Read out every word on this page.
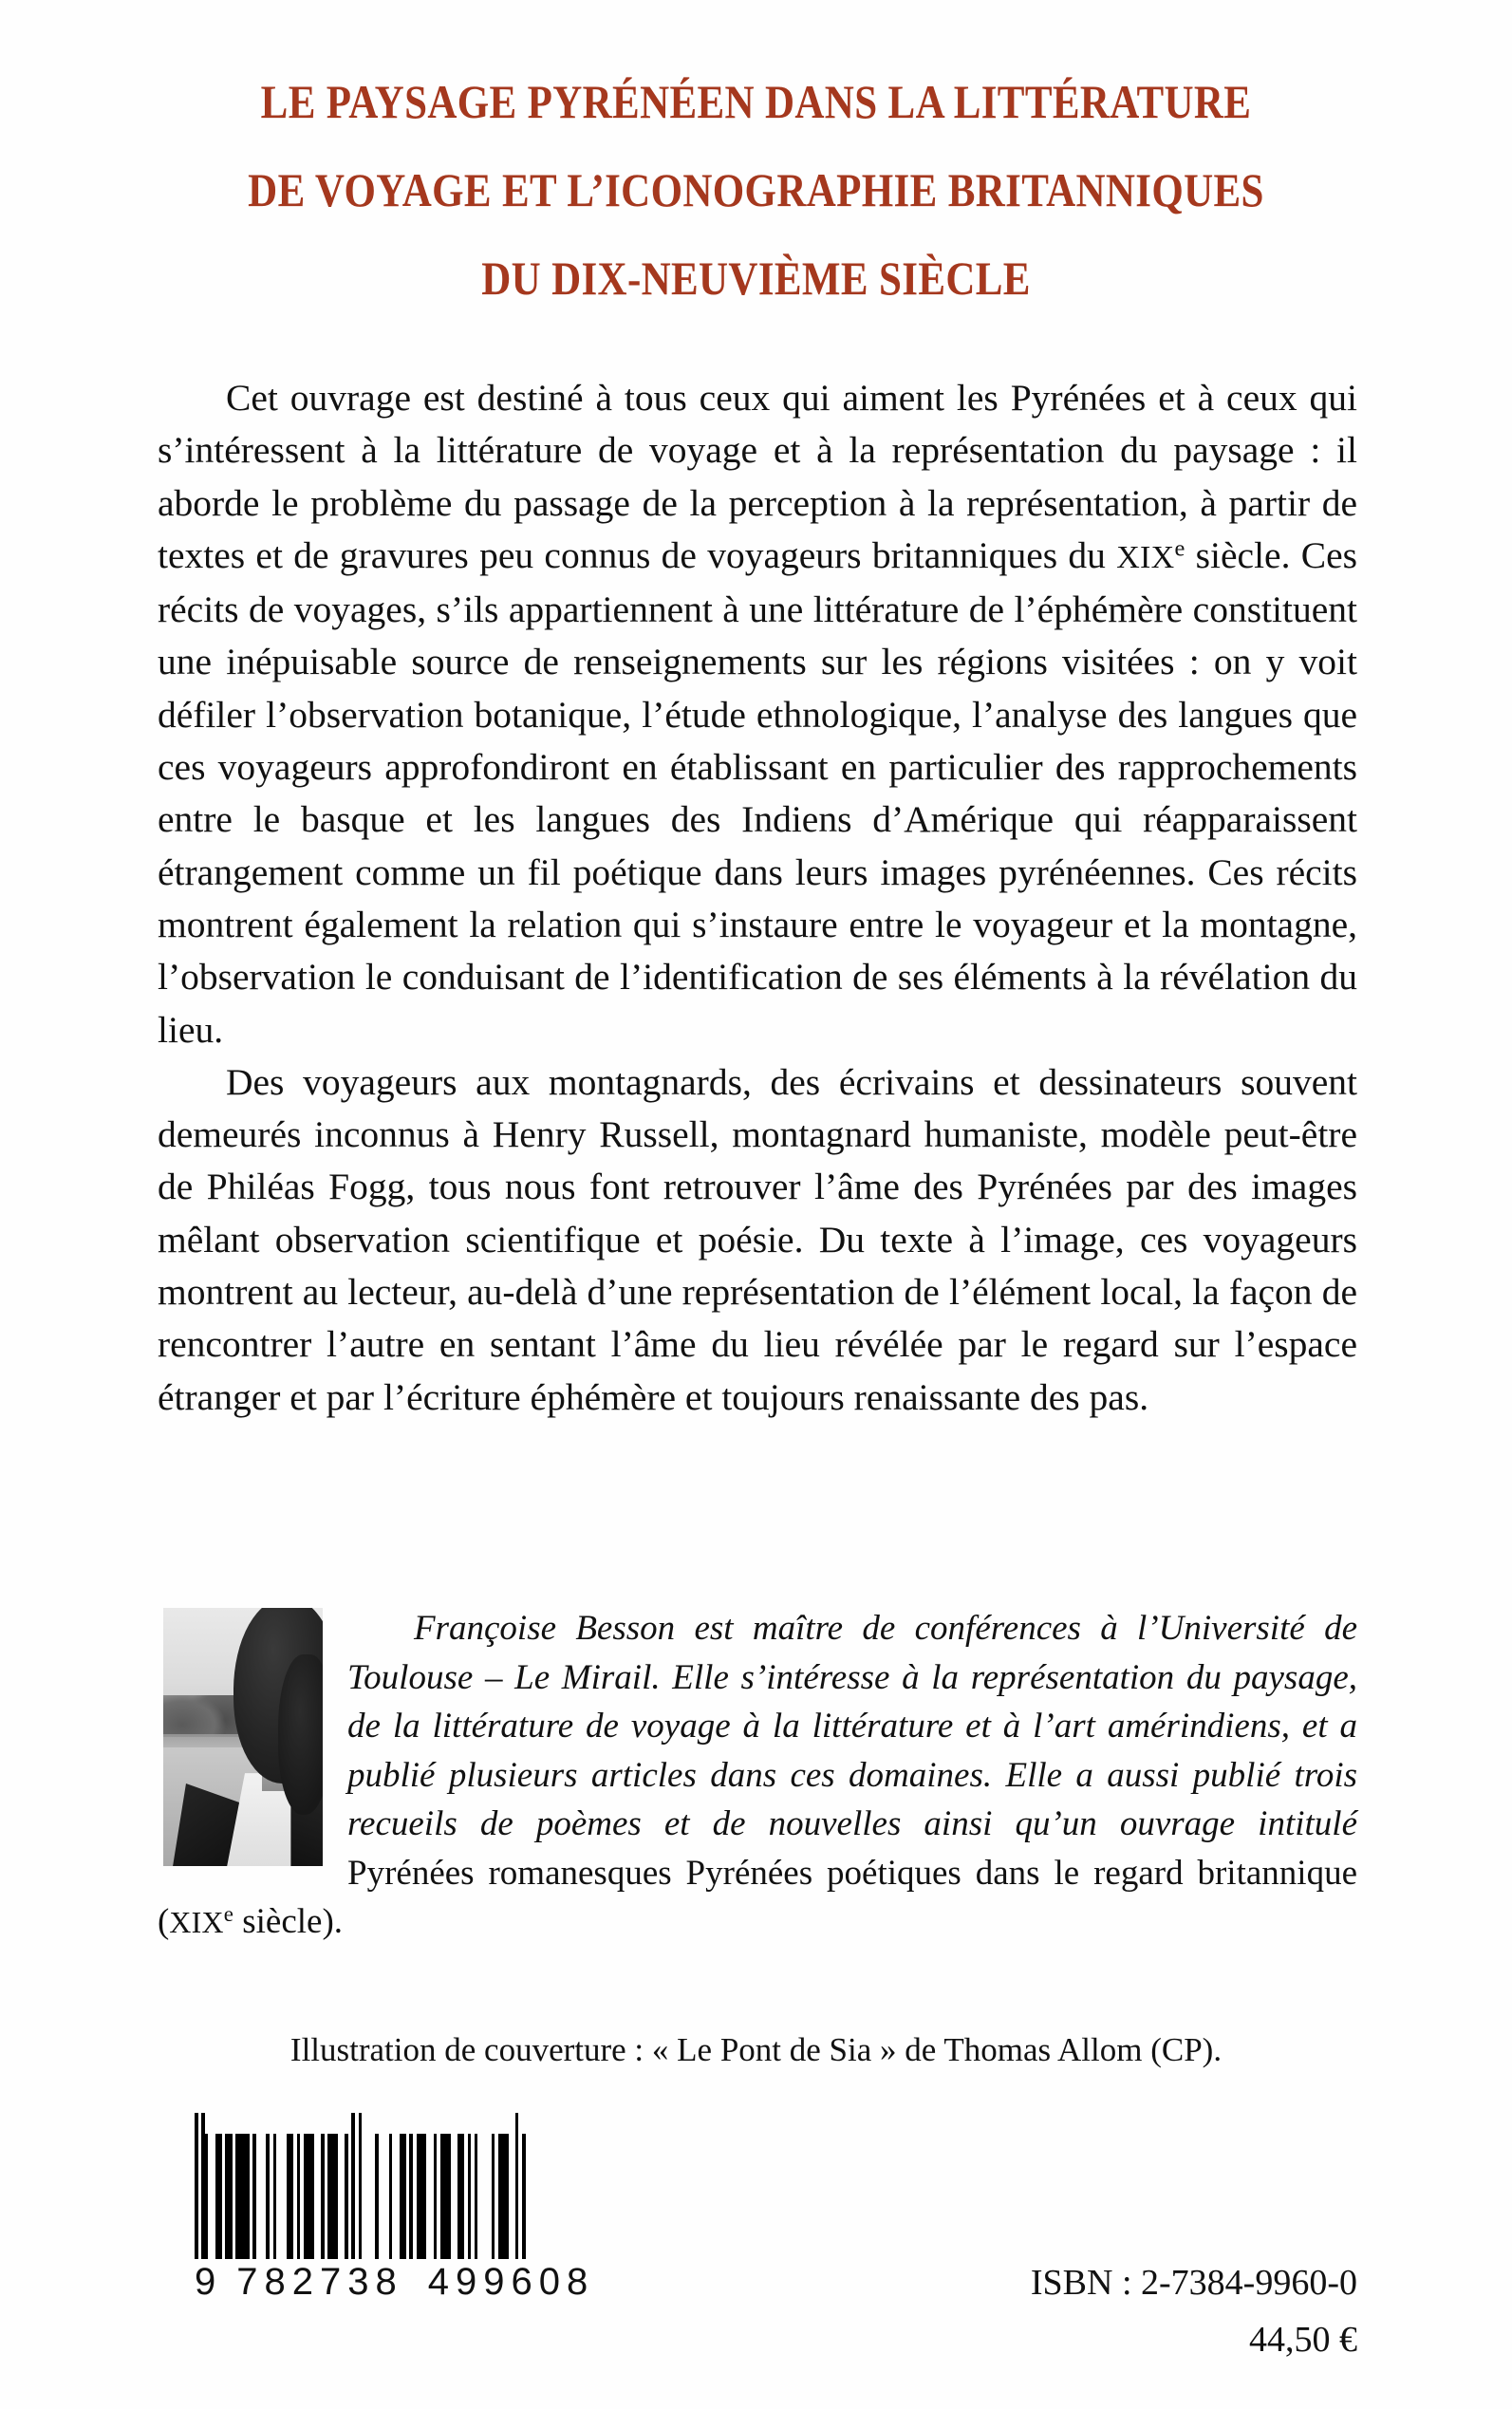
LE PAYSAGE PYRÉNÉEN DANS LA LITTÉRATURE
DE VOYAGE ET L’ICONOGRAPHIE BRITANNIQUES
DU DIX-NEUVIÈME SIÈCLE

Cet ouvrage est destiné à tous ceux qui aiment les Pyrénées et à ceux qui s’intéressent à la littérature de voyage et à la représentation du paysage : il aborde le problème du passage de la perception à la représentation, à partir de textes et de gravures peu connus de voyageurs britanniques du XIXe siècle. Ces récits de voyages, s’ils appartiennent à une littérature de l’éphémère constituent une inépuisable source de renseignements sur les régions visitées : on y voit défiler l’observation botanique, l’étude ethnologique, l’analyse des langues que ces voyageurs approfondiront en établissant en particulier des rapprochements entre le basque et les langues des Indiens d’Amérique qui réapparaissent étrangement comme un fil poétique dans leurs images pyrénéennes. Ces récits montrent également la relation qui s’instaure entre le voyageur et la montagne, l’observation le conduisant de l’identification de ses éléments à la révélation du lieu.

Des voyageurs aux montagnards, des écrivains et dessinateurs souvent demeurés inconnus à Henry Russell, montagnard humaniste, modèle peut-être de Philéas Fogg, tous nous font retrouver l’âme des Pyrénées par des images mêlant observation scientifique et poésie. Du texte à l’image, ces voyageurs montrent au lecteur, au-delà d’une représentation de l’élément local, la façon de rencontrer l’autre en sentant l’âme du lieu révélée par le regard sur l’espace étranger et par l’écriture éphémère et toujours renaissante des pas.

Françoise Besson est maître de conférences à l’Université de Toulouse – Le Mirail. Elle s’intéresse à la représentation du paysage, de la littérature de voyage à la littérature et à l’art amérindiens, et a publié plusieurs articles dans ces domaines. Elle a aussi publié trois recueils de poèmes et de nouvelles ainsi qu’un ouvrage intitulé Pyrénées romanesques Pyrénées poétiques dans le regard britannique (XIXe siècle).

Illustration de couverture : « Le Pont de Sia » de Thomas Allom (CP).
9 782738 499608	ISBN : 2-7384-9960-0
44,50 €
